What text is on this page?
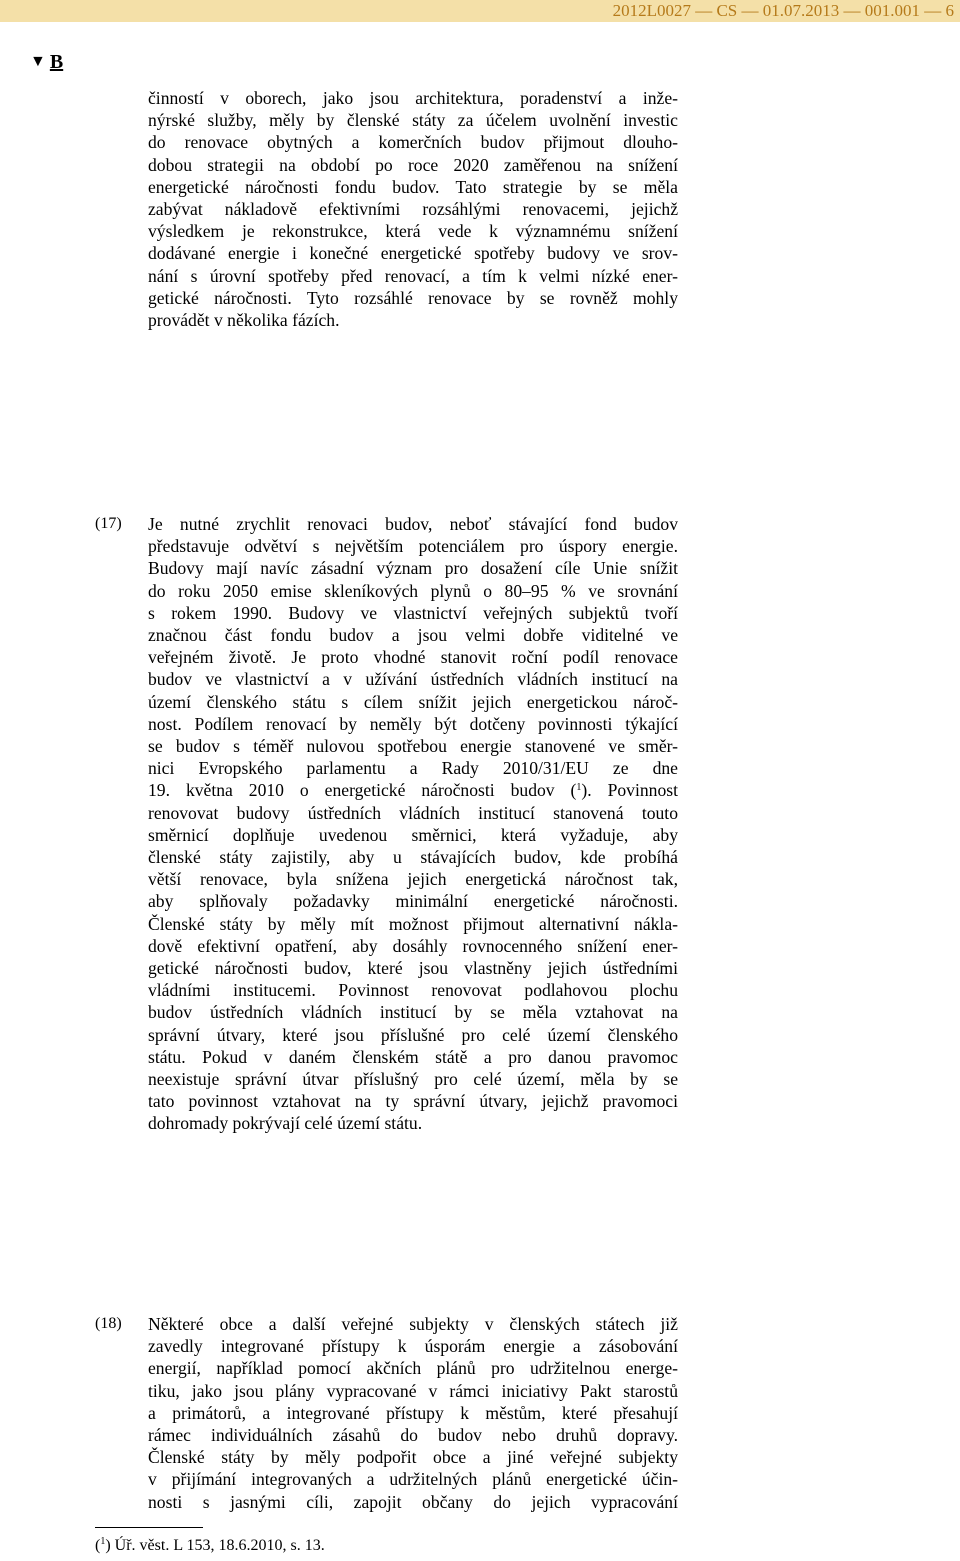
2012L0027 — CS — 01.07.2013 — 001.001 — 6
▼ B
činností v oborech, jako jsou architektura, poradenství a inže-
nýrské služby, měly by členské státy za účelem uvolnění investic
do renovace obytných a komerčních budov přijmout dlouho-
dobou strategii na období po roce 2020 zaměřenou na snížení
energetické náročnosti fondu budov. Tato strategie by se měla
zabývat nákladově efektivními rozsáhlými renovacemi, jejichž
výsledkem je rekonstrukce, která vede k významnému snížení
dodávané energie i konečné energetické spotřeby budovy ve srov-
nání s úrovní spotřeby před renovací, a tím k velmi nízké ener-
getické náročnosti. Tyto rozsáhlé renovace by se rovněž mohly
provádět v několika fázích.
(17) Je nutné zrychlit renovaci budov, neboť stávající fond budov
představuje odvětví s největším potenciálem pro úspory energie.
Budovy mají navíc zásadní význam pro dosažení cíle Unie snížit
do roku 2050 emise skleníkových plynů o 80–95 % ve srovnání
s rokem 1990. Budovy ve vlastnictví veřejných subjektů tvoří
značnou část fondu budov a jsou velmi dobře viditelné ve
veřejném životě. Je proto vhodné stanovit roční podíl renovace
budov ve vlastnictví a v užívání ústředních vládních institucí na
území členského státu s cílem snížit jejich energetickou nároč-
nost. Podílem renovací by neměly být dotčeny povinnosti týkající
se budov s téměř nulovou spotřebou energie stanovené ve směr-
nici Evropského parlamentu a Rady 2010/31/EU ze dne
19. května 2010 o energetické náročnosti budov ($^1$). Povinnost
renovovat budovy ústředních vládních institucí stanovená touto
směrnicí doplňuje uvedenou směrnici, která vyžaduje, aby
členské státy zajistily, aby u stávajících budov, kde probíhá
větší renovace, byla snížena jejich energetická náročnost tak,
aby splňovaly požadavky minimální energetické náročnosti.
Členské státy by měly mít možnost přijmout alternativní nákla-
dově efektivní opatření, aby dosáhly rovnocenného snížení ener-
getické náročnosti budov, které jsou vlastněny jejich ústředními
vládními institucemi. Povinnost renovovat podlahovou plochu
budov ústředních vládních institucí by se měla vztahovat na
správní útvary, které jsou příslušné pro celé území členského
státu. Pokud v daném členském státě a pro danou pravomoc
neexistuje správní útvar příslušný pro celé území, měla by se
tato povinnost vztahovat na ty správní útvary, jejichž pravomoci
dohromady pokrývají celé území státu.
(18) Některé obce a další veřejné subjekty v členských státech již
zavedly integrované přístupy k úsporám energie a zásobování
energií, například pomocí akčních plánů pro udržitelnou energe-
tiku, jako jsou plány vypracované v rámci iniciativy Pakt starostů
a primátorů, a integrované přístupy k městům, které přesahují
rámec individuálních zásahů do budov nebo druhů dopravy.
Členské státy by měly podpořit obce a jiné veřejné subjekty
v přijímání integrovaných a udržitelných plánů energetické účin-
nosti s jasnými cíli, zapojit občany do jejich vypracování
($^1$) Úř. věst. L 153, 18.6.2010, s. 13.
